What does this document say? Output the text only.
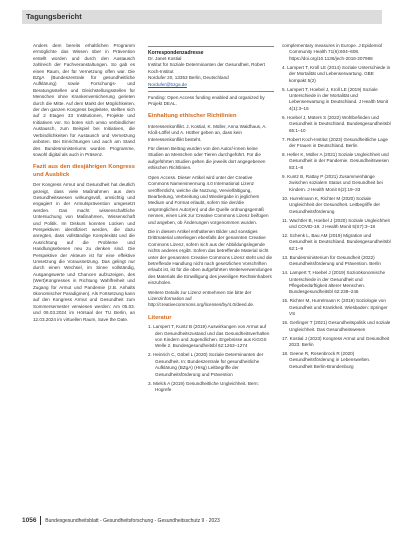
Tagungsbericht

Anders dem bereits erhaltlichen Programm ermöglichte das Wissen über in Prävention erstellt worden und durch den Austausch zahlreich der Fachveranstaltungen. So gab es einen Raum, der für Vernetzung offen war. Die BZgA (Bundeszentrale für gesundheitliche Aufklärung) sowie Forschungs- und Beratungsstellen und Gleichstellungsstellen für Menschen ohne Krankenversicherung gerieten durch die Mitte. Auf dem Markt der Möglichkeiten, der den ganzen Kongress begleitete, stellten sich auf 2 Etagen 33 Institutionen, Projekte und Initiativen vor. So boten sich umso verbindlicher Austausch, zum Beispiel bei Initiativen, die Verbindlichkeiten für Austausch und Vernetzung anboten. Bei Einrichtungen und auch am Stand des Bundesministeriums wurden Programme, sowohl digital als auch in Präsenz.

Fazit aus den diesjährigen Kongress und Ausblick

Der Kongress Armut und Gesundheit hat deutlich gezeigt, dass viele Maßnahmen aus dem Gesundheitswesen wirkungsvoll, umsichtig und engagiert in der Armutsprävention umgesetzt werden. Das macht wissenschaftliche Untersuchung von Maßnahmen, Wissenschaft und Politik. Im Diskurs konnten Lücken und Perspektiven identifiziert werden, die dazu anregten, dass vollständige Komplexität und die Ausrichtung auf die Probleme und Handlungsebenen neu zu denken sind. Die Perspektive der Akteure ist für eine effektive Umsetzung die Voraussetzung. Das gelingt nur durch einen Wechsel, im Sinne vollständig, Ausgangswerte und Chancen aufzuzeigen, des (Wert)Kongresses in Richtung Wahlfreiheit und Zugang für Armut und Pandemie (z.B. Anhalts ökonomischer Paradigmen). Als Fortsetzung kann auf den Kongress Armut und Gesundheit zum Sommersemester verwiesen werden: Am 05.03. und 06.03.2024 im Hörsaal der TU Berlin, an 12.03.2024 im virtuellen Raum, Save the Date.

Korrespondenzadresse
Dr. Janet Kostial
Institut für Soziale Determinanten der Gesundheit, Robert Koch-Institut
Nordufer 20, 13353 Berlin, Deutschland
Nordufer@bzga.de

Funding: Open Access funding enabled and organized by Projekt DEAL.

Einhaltung ethischer Richtlinien

Interessenkonflikt. J. Kostial, K. Müller, Anna Waldhaus, A. Kloß-Löffel und A. Hüther geben an, dass kein Interessenkonflikt besteht.

Für diesen Beitrag wurden von den Autor/-innen keine Studien an Menschen oder Tieren durchgeführt. Für die aufgeführten Studien gelten die jeweils dort angegebenen ethischen Richtlinien.

Open Access. Dieser Artikel wird unter der Creative Commons Namensnennung 4.0 International Lizenz veröffentlicht, welche die Nutzung, Vervielfältigung, Bearbeitung, Verbreitung und Wiedergabe in jeglichem Medium und Format erlaubt, sofern Sie den/die ursprünglichen Autor(en) und die Quelle ordnungsgemäß nennen, einen Link zur Creative Commons Lizenz beifügen und angeben, ob Änderungen vorgenommen wurden.

Die in diesem Artikel enthaltenen Bilder und sonstiges Drittmaterial unterliegen ebenfalls der genannten Creative Commons Lizenz, sofern sich aus der Abbildungslegende nichts anderes ergibt. Sofern das betreffende Material nicht unter der genannten Creative Commons Lizenz steht und die betreffende Handlung nicht nach gesetzlichen Vorschriften erlaubt ist, ist für die oben aufgeführten Weiterverwendungen des Materials die Einwilligung des jeweiligen Rechteinhabers einzuholen.

Weitere Details zur Lizenz entnehmen Sie bitte der Lizenzinformation auf http://creativecommons.org/licenses/by/4.0/deed.de.

Literatur

1. Lampert T, Kuntz B (2019) Auswirkungen von Armut auf den Gesundheitszustand und das Gesundheitsverhalten von Kindern und Jugendlichen. Ergebnisse aus KiGGS Welle 2. Bundesgesundheitsbl 62:1263–1274

2. Heinrich C, Göbel L (2020) Soziale Determinanten der Gesundheit. In: Bundeszentrale für gesundheitliche Aufklärung (BZgA) (Hrsg) Leitbegriffe der Gesundheitsförderung und Prävention

3. Mielck A (2019) Gesundheitliche Ungleichheit. Bern: Hogrefe

complementary measures in Europe. J Epidemiol Community Health 71(6):604–608. https://doi.org/10.1136/jech-2016-207988

4. Lampert T, Kroll LE (2014) Soziale Unterschiede in der Mortalität und Lebenserwartung. GBE kompakt 5(2)

5. Lampert T, Hoebel J, Kroll LE (2019) Soziale Unterschiede in der Mortalität und Lebenserwartung in Deutschland. J Health Monit 4(1):3–15

6. Hoebel J, Müters S (2022) Wohlbefinden und Gesundheit in Deutschland. Bundesgesundheitsbl 65:1–10

7. Robert Koch-Institut (2023) Gesundheitliche Lage der Frauen in Deutschland. Berlin

8. Heller K, Müller A (2021) Soziale Ungleichheit und Gesundheit in der Pandemie. Gesundheitswesen 83:1–8

9. Kuntz B, Rattay P (2021) Zusammenhänge zwischen sozialem Status und Gesundheit bei Kindern. J Health Monit 6(2):19–33

10. Hurrelmann K, Richter M (2020) Soziale Ungleichheit der Gesundheit. Leitbegriffe der Gesundheitsförderung

11. Wachtler B, Hoebel J (2020) Soziale Ungleichheit und COVID-19. J Health Monit 5(S7):3–18

12. Schenk L, Bau AM (2019) Migration und Gesundheit in Deutschland. Bundesgesundheitsbl 62:1–9

13. Bundesministerium für Gesundheit (2022) Gesundheitsförderung und Prävention. Berlin

14. Lampert T, Hoebel J (2019) Sozioökonomische Unterschiede in der Gesundheit und Pflegebedürftigkeit älterer Menschen. Bundesgesundheitsbl 62:238–246

15. Richter M, Hurrelmann K (2019) Soziologie von Gesundheit und Krankheit. Wiesbaden: Springer VS

16. Gerlinger T (2021) Gesundheitspolitik und soziale Ungleichheit. Das Gesundheitswesen

17. Kostial J (2023) Kongress Armut und Gesundheit 2023. Berlin

18. Geene R, Rosenbrock R (2020) Gesundheitsförderung in Lebenswelten. Gesundheit Berlin-Brandenburg

1056 Bundesgesundheitsblatt - Gesundheitsforschung - Gesundheitsschutz 9 · 2023
